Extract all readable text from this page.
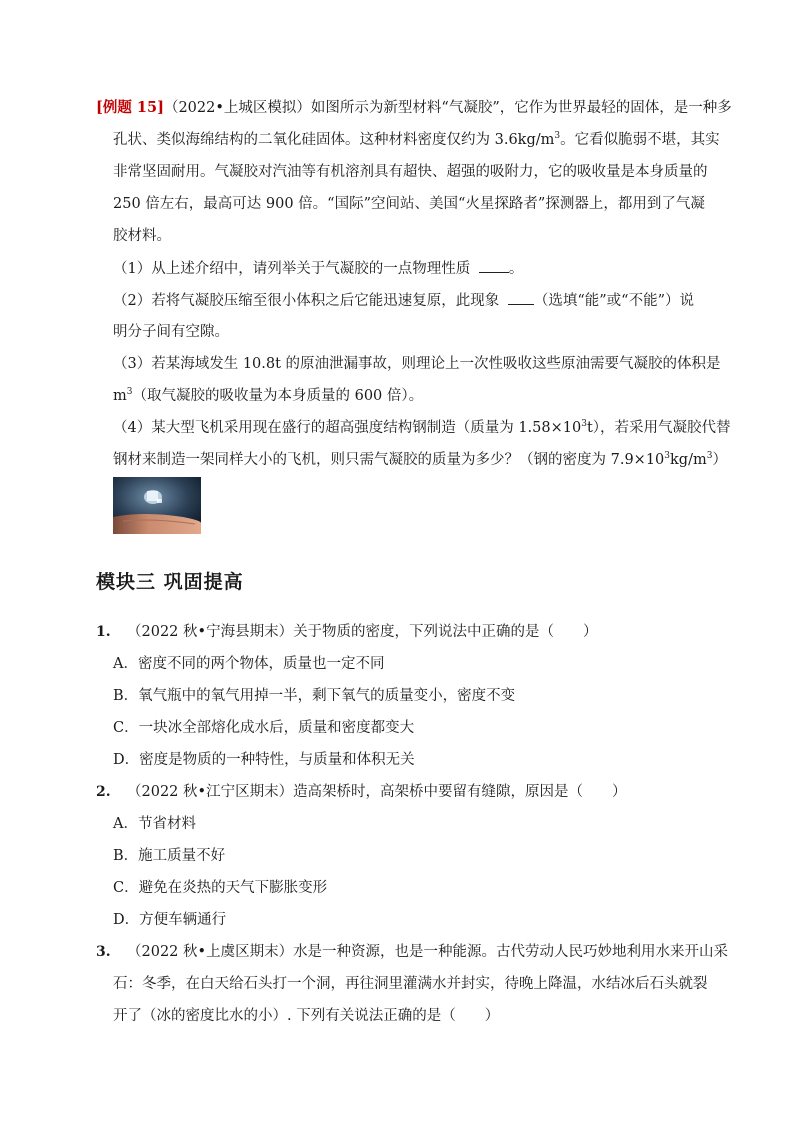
[例题 15]（2022•上城区模拟）如图所示为新型材料“气凝胶”，它作为世界最轻的固体，是一种多
孔状、类似海绵结构的二氧化硅固体。这种材料密度仅约为 $3.6kg/m^3$。它看似脆弱不堪，其实
非常坚固耐用。气凝胶对汽油等有机溶剂具有超快、超强的吸附力，它的吸收量是本身质量的
250 倍左右，最高可达 900 倍。“国际”空间站、美国“火星探路者”探测器上，都用到了气凝
胶材料。
（1）从上述介绍中，请列举关于气凝胶的一点物理性质	。
（2）若将气凝胶压缩至很小体积之后它能迅速复原，此现象 （选填“能”或“不能”）说
明分子间有空隙。
（3）若某海域发生 10.8t 的原油泄漏事故，则理论上一次性吸收这些原油需要气凝胶的体积是
$m^3$（取气凝胶的吸收量为本身质量的 600 倍）。
（4）某大型飞机采用现在盛行的超高强度结构钢制造（质量为 $1.58\times 10^3t$），若采用气凝胶代替
钢材来制造一架同样大小的飞机，则只需气凝胶的质量为多少？（钢的密度为 $7.9\times 10^3kg/m^3$）
模块三 巩固提高
1. （2022 秋•宁海县期末）关于物质的密度，下列说法中正确的是（　　）
A．密度不同的两个物体，质量也一定不同
B．氧气瓶中的氧气用掉一半，剩下氧气的质量变小，密度不变
C．一块冰全部熔化成水后，质量和密度都变大
D．密度是物质的一种特性，与质量和体积无关
2. （2022 秋•江宁区期末）造高架桥时，高架桥中要留有缝隙，原因是（　　）
A．节省材料
B．施工质量不好
C．避免在炎热的天气下膨胀变形
D．方便车辆通行
3. （2022 秋•上虞区期末）水是一种资源，也是一种能源。古代劳动人民巧妙地利用水来开山采
石：冬季，在白天给石头打一个洞，再往洞里灌满水并封实，待晚上降温，水结冰后石头就裂
开了（冰的密度比水的小）. 下列有关说法正确的是（　　）
